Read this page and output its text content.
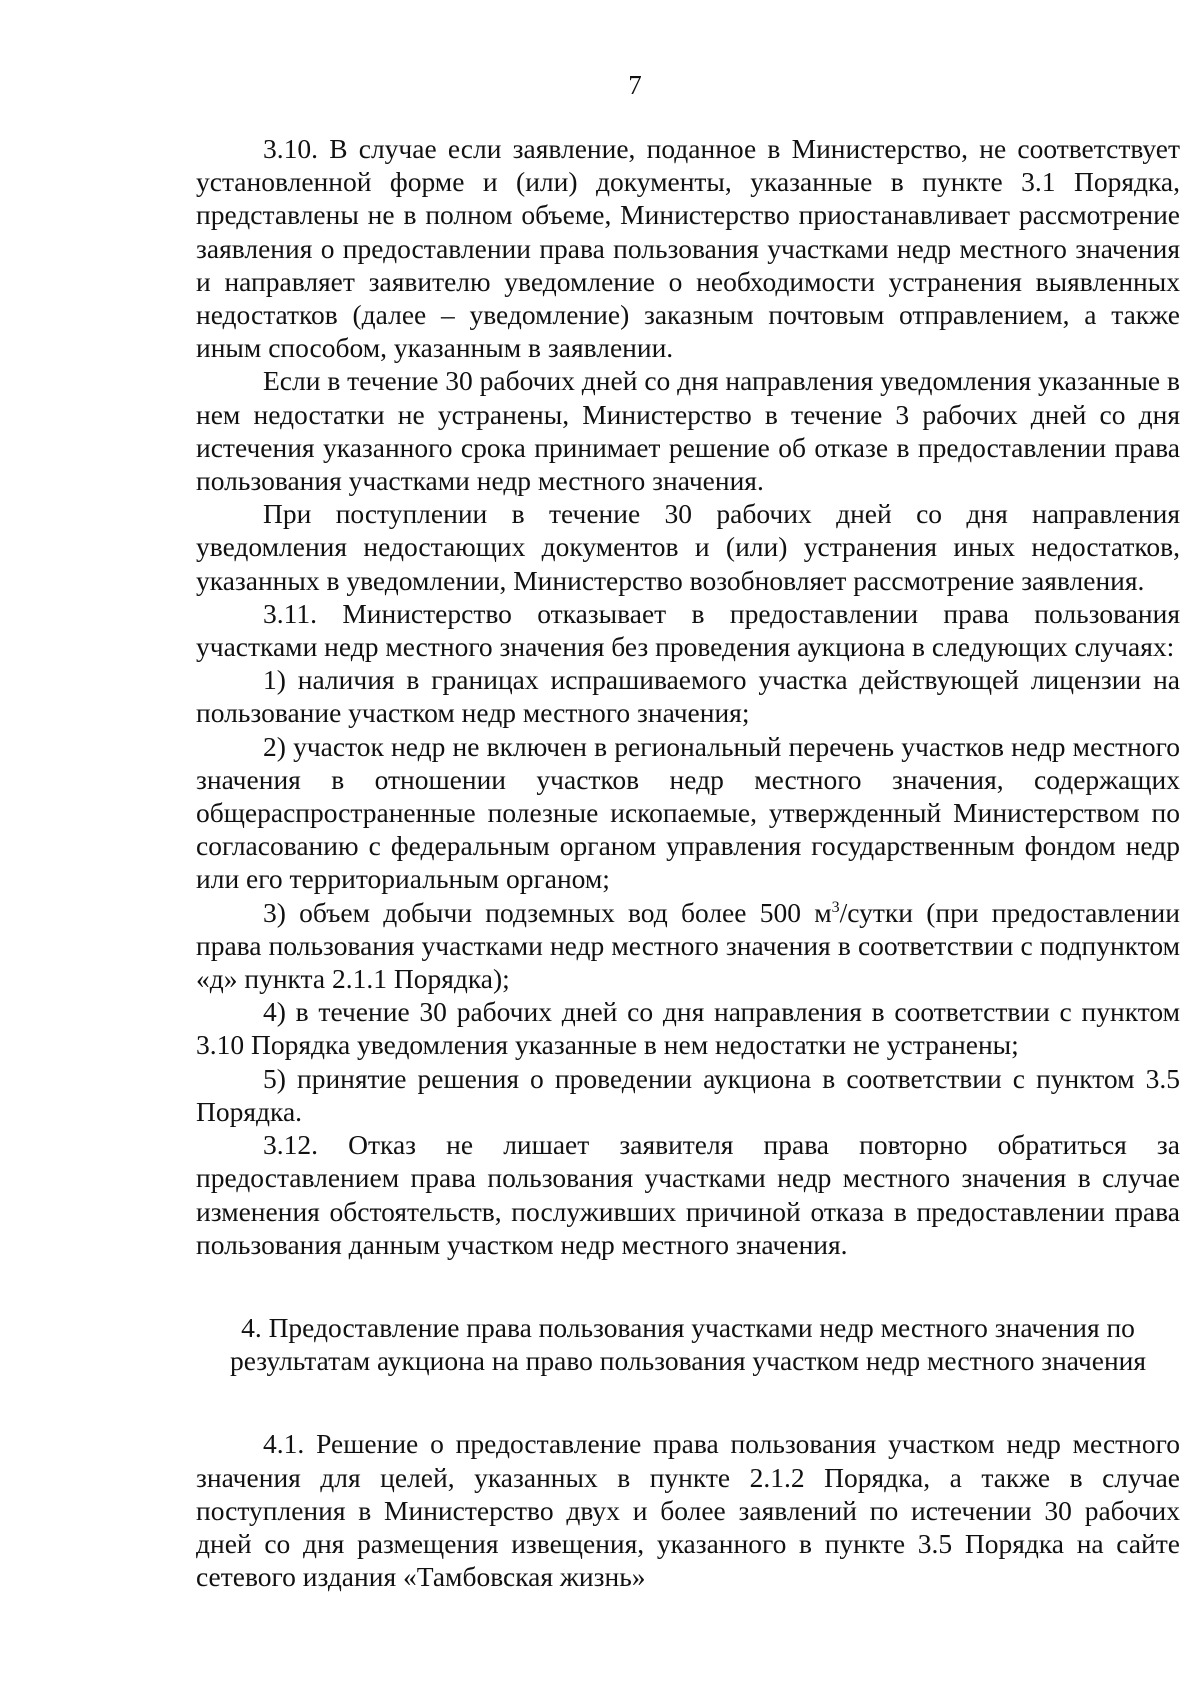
7

3.10. В случае если заявление, поданное в Министерство, не соответствует установленной форме и (или) документы, указанные в пункте 3.1 Порядка, представлены не в полном объеме, Министерство приостанавливает рассмотрение заявления о предоставлении права пользования участками недр местного значения и направляет заявителю уведомление о необходимости устранения выявленных недостатков (далее – уведомление) заказным почтовым отправлением, а также иным способом, указанным в заявлении.

Если в течение 30 рабочих дней со дня направления уведомления указанные в нем недостатки не устранены, Министерство в течение 3 рабочих дней со дня истечения указанного срока принимает решение об отказе в предоставлении права пользования участками недр местного значения.

При поступлении в течение 30 рабочих дней со дня направления уведомления недостающих документов и (или) устранения иных недостатков, указанных в уведомлении, Министерство возобновляет рассмотрение заявления.

3.11. Министерство отказывает в предоставлении права пользования участками недр местного значения без проведения аукциона в следующих случаях:

1) наличия в границах испрашиваемого участка действующей лицензии на пользование участком недр местного значения;

2) участок недр не включен в региональный перечень участков недр местного значения в отношении участков недр местного значения, содержащих общераспространенные полезные ископаемые, утвержденный Министерством по согласованию с федеральным органом управления государственным фондом недр или его территориальным органом;

3) объем добычи подземных вод более 500 $м^3$/сутки (при предоставлении права пользования участками недр местного значения в соответствии с подпунктом «д» пункта 2.1.1 Порядка);

4) в течение 30 рабочих дней со дня направления в соответствии с пунктом 3.10 Порядка уведомления указанные в нем недостатки не устранены;

5) принятие решения о проведении аукциона в соответствии с пунктом 3.5 Порядка.

3.12. Отказ не лишает заявителя права повторно обратиться за предоставлением права пользования участками недр местного значения в случае изменения обстоятельств, послуживших причиной отказа в предоставлении права пользования данным участком недр местного значения.

4. Предоставление права пользования участками недр местного значения по
результатам аукциона на право пользования участком недр местного значения

4.1. Решение о предоставление права пользования участком недр местного значения для целей, указанных в пункте 2.1.2 Порядка, а также в случае поступления в Министерство двух и более заявлений по истечении 30 рабочих дней со дня размещения извещения, указанного в пункте 3.5 Порядка на сайте сетевого издания «Тамбовская жизнь»
